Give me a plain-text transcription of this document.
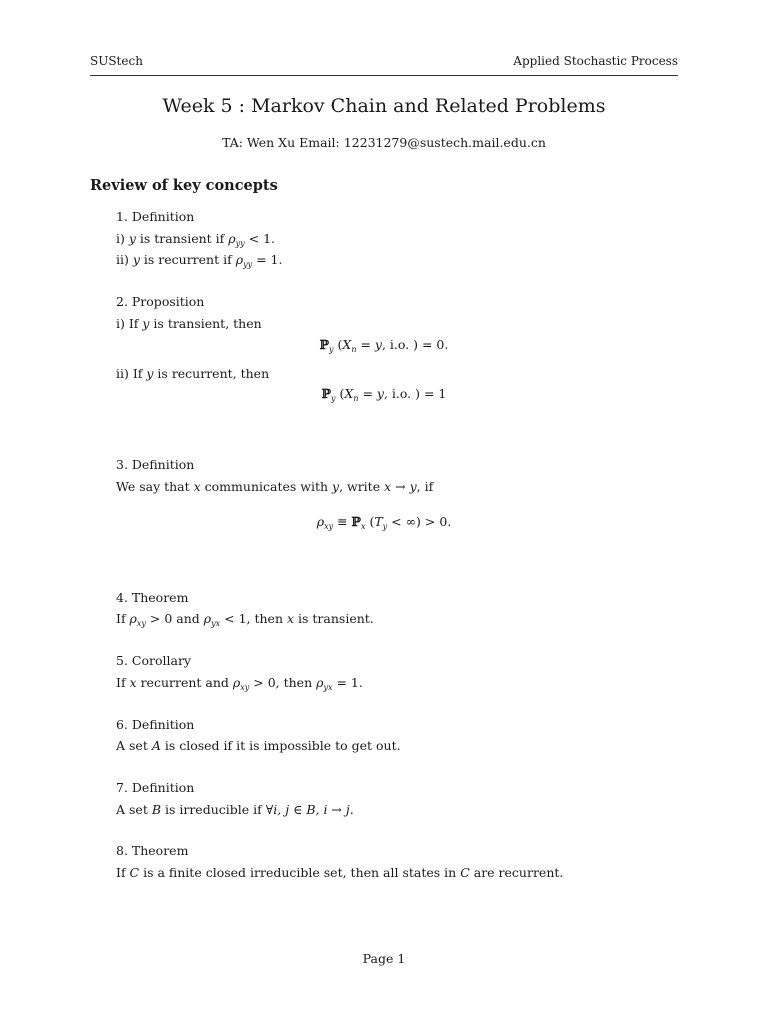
SUStech	Applied Stochastic Process
Week 5 : Markov Chain and Related Problems
TA: Wen Xu Email: 12231279@sustech.mail.edu.cn
Review of key concepts
1. Definition
i) y is transient if $\rho_{yy} < 1$.
ii) y is recurrent if $\rho_{yy} = 1$.
2. Proposition
i) If y is transient, then
ℙ$_y$ ($X_n = y$, i.o. ) = 0.
ii) If y is recurrent, then
ℙ$_y$ ($X_n = y$, i.o. ) = 1
3. Definition
We say that x communicates with y, write x → y, if
$\rho_{xy}$ ≡ ℙ$_x$ ($T_y$ < ∞) > 0.
4. Theorem
If $\rho_{xy} > 0$ and $\rho_{yx} < 1$, then x is transient.
5. Corollary
If x recurrent and $\rho_{xy} > 0$, then $\rho_{yx} = 1$.
6. Definition
A set A is closed if it is impossible to get out.
7. Definition
A set B is irreducible if ∀i, j ∈ B, i → j.
8. Theorem
If C is a finite closed irreducible set, then all states in C are recurrent.
Page 1
